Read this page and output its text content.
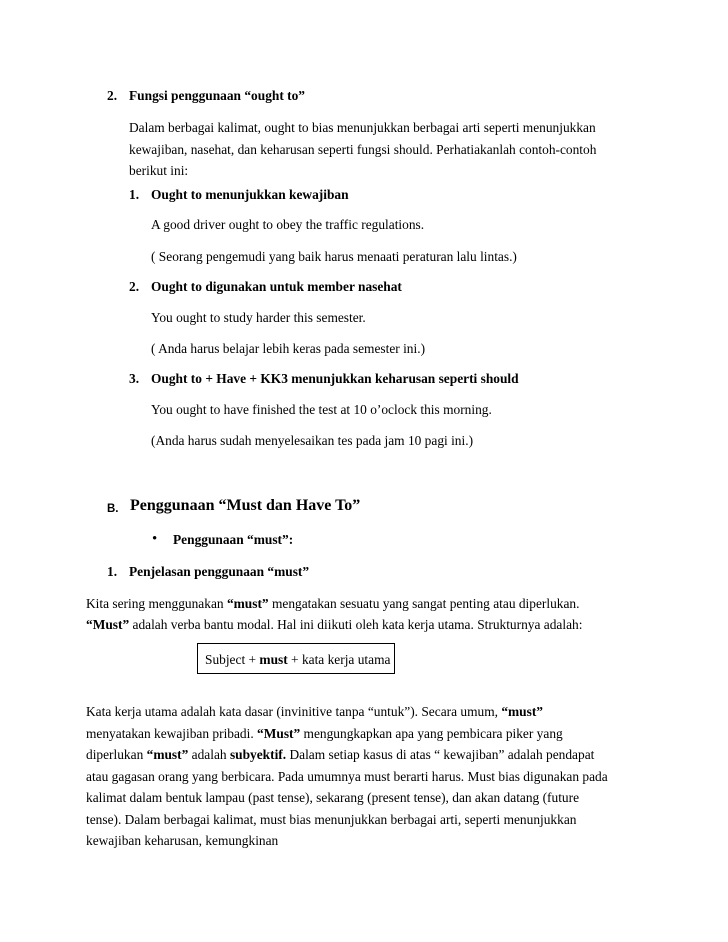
2. Fungsi penggunaan “ought to”
Dalam berbagai kalimat, ought to bias menunjukkan berbagai arti seperti menunjukkan
kewajiban, nasehat, dan keharusan seperti fungsi should. Perhatiakanlah contoh-contoh
berikut ini:
1. Ought to menunjukkan kewajiban
A good driver ought to obey the traffic regulations.
( Seorang pengemudi yang baik harus menaati peraturan lalu lintas.)
2. Ought to digunakan untuk member nasehat
You ought to study harder this semester.
( Anda harus belajar lebih keras pada semester ini.)
3. Ought to + Have + KK3 menunjukkan keharusan seperti should
You ought to have finished the test at 10 o’oclock this morning.
(Anda harus sudah menyelesaikan tes pada jam 10 pagi ini.)
B. Penggunaan “Must dan Have To”
• Penggunaan “must”:
1. Penjelasan penggunaan “must”
Kita sering menggunakan “must” mengatakan sesuatu yang sangat penting atau diperlukan.
“Must” adalah verba bantu modal. Hal ini diikuti oleh kata kerja utama. Strukturnya adalah:
Subject + must + kata kerja utama
Kata kerja utama adalah kata dasar (invinitive tanpa “untuk”). Secara umum, “must”
menyatakan kewajiban pribadi. “Must” mengungkapkan apa yang pembicara piker yang
diperlukan “must” adalah subyektif. Dalam setiap kasus di atas “ kewajiban” adalah pendapat
atau gagasan orang yang berbicara. Pada umumnya must berarti harus. Must bias digunakan pada
kalimat dalam bentuk lampau (past tense), sekarang (present tense), dan akan datang (future
tense). Dalam berbagai kalimat, must bias menunjukkan berbagai arti, seperti menunjukkan
kewajiban keharusan, kemungkinan
